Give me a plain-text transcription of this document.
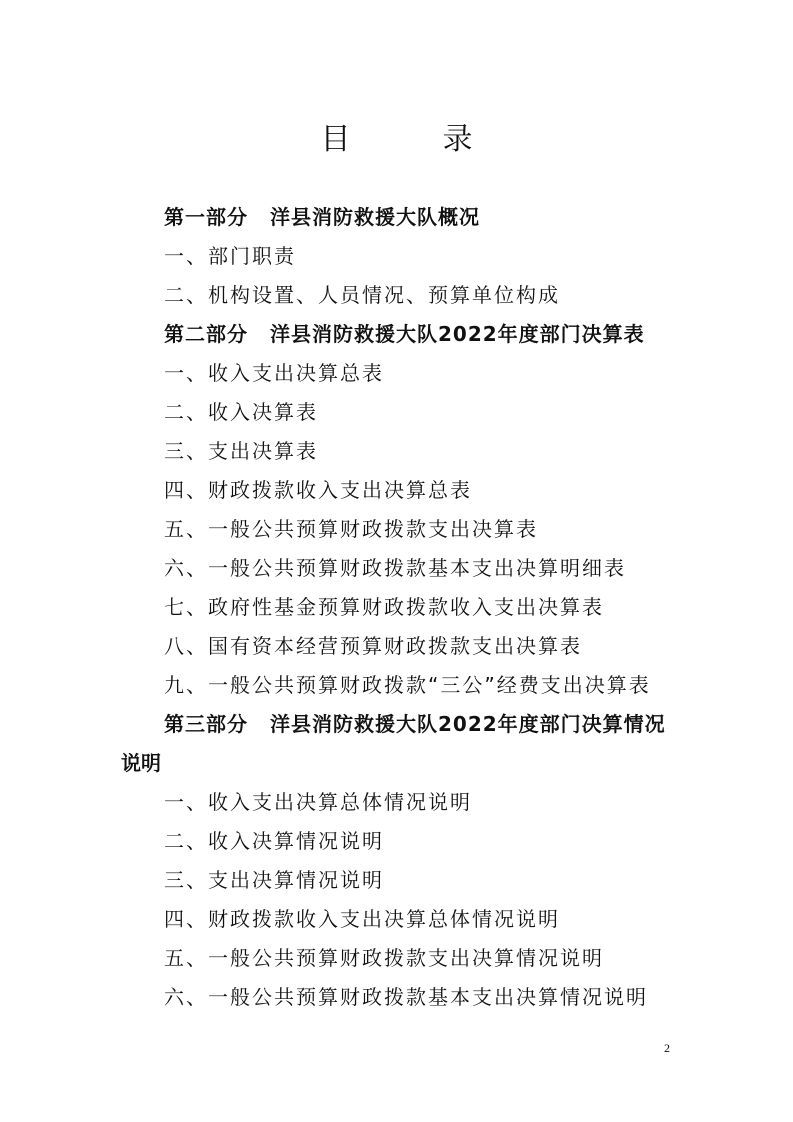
目	录
第一部分 洋县消防救援大队概况
一、部门职责
二、机构设置、人员情况、预算单位构成
第二部分 洋县消防救援大队2022年度部门决算表
一、收入支出决算总表
二、收入决算表
三、支出决算表
四、财政拨款收入支出决算总表
五、一般公共预算财政拨款支出决算表
六、一般公共预算财政拨款基本支出决算明细表
七、政府性基金预算财政拨款收入支出决算表
八、国有资本经营预算财政拨款支出决算表
九、一般公共预算财政拨款“三公”经费支出决算表
第三部分 洋县消防救援大队2022年度部门决算情况
说明
一、收入支出决算总体情况说明
二、收入决算情况说明
三、支出决算情况说明
四、财政拨款收入支出决算总体情况说明
五、一般公共预算财政拨款支出决算情况说明
六、一般公共预算财政拨款基本支出决算情况说明
2
